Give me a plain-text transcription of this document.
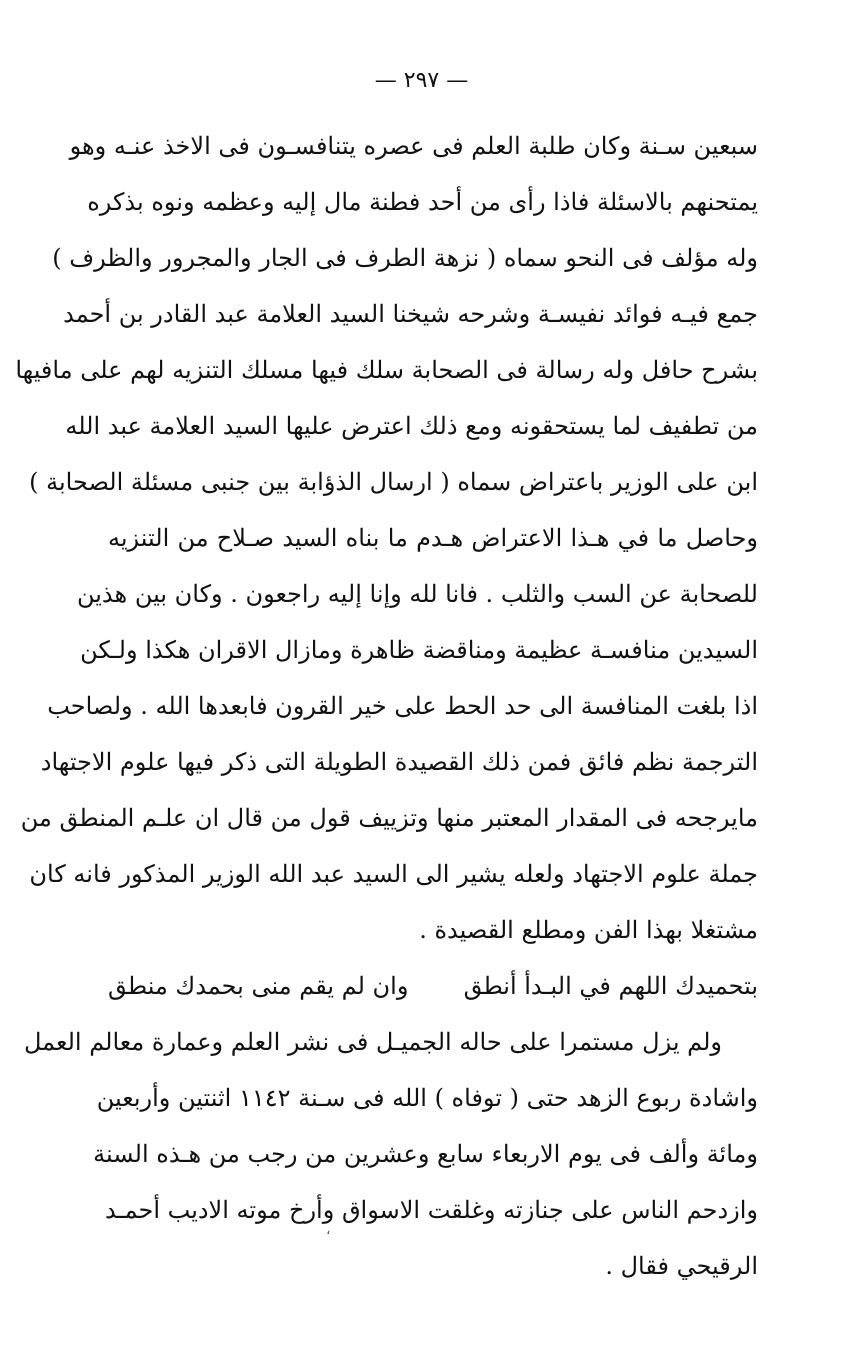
— ٢٩٧ —
سبعين سـنة وكان طلبة العلم فى عصره يتنافسـون فى الاخذ عنـه وهو
يمتحنهم بالاسئلة فاذا رأى من أحد فطنة مال إليه وعظمه ونوه بذكره
وله مؤلف فى النحو سماه ( نزهة الطرف فى الجار والمجرور والظرف )
جمع فيـه فوائد نفيسـة وشرحه شيخنا السيد العلامة عبد القادر بن أحمد
بشرح حافل وله رسالة فى الصحابة سلك فيها مسلك التنزيه لهم على مافيها
من تطفيف لما يستحقونه ومع ذلك اعترض عليها السيد العلامة عبد الله
ابن على الوزير باعتراض سماه ( ارسال الذؤابة بين جنبى مسئلة الصحابة )
وحاصل ما في هـذا الاعتراض هـدم ما بناه السيد صـلاح من التنزيه
للصحابة عن السب والثلب . فانا لله وإنا إليه راجعون . وكان بين هذين
السيدين منافسـة عظيمة ومناقضة ظاهرة ومازال الاقران هكذا ولـكن
اذا بلغت المنافسة الى حد الحط على خير القرون فابعدها الله . ولصاحب
الترجمة نظم فائق فمن ذلك القصيدة الطويلة التى ذكر فيها علوم الاجتهاد
مايرجحه فى المقدار المعتبر منها وتزييف قول من قال ان علـم المنطق من
جملة علوم الاجتهاد ولعله يشير الى السيد عبد الله الوزير المذكور فانه كان
مشتغلا بهذا الفن ومطلع القصيدة .
بتحميدك اللهم في البـدأ أنطق
وان لم يقم منى بحمدك منطق
ولم يزل مستمرا على حاله الجميـل فى نشر العلم وعمارة معالم العمل
واشادة ربوع الزهد حتى ( توفاه ) الله فى سـنة ١١٤٢ اثنتين وأربعين
ومائة وألف فى يوم الاربعاء سابع وعشرين من رجب من هـذه السنة
وازدحم الناس على جنازته وغلقت الاسواق وأرخ موته الاديب أحمـد
الرقيحي فقال .
،
